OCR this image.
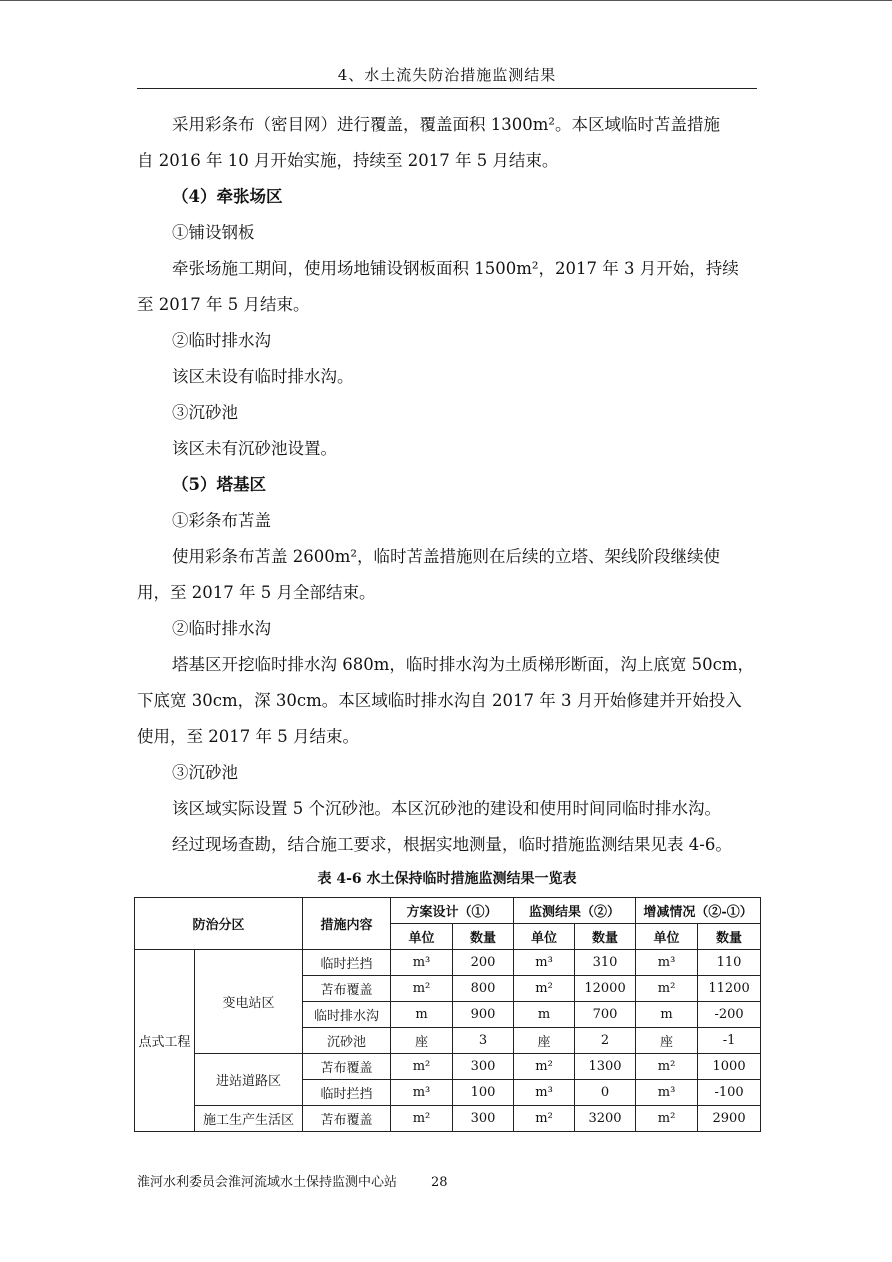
4、水土流失防治措施监测结果
采用彩条布（密目网）进行覆盖，覆盖面积 1300m²。本区域临时苫盖措施
自 2016 年 10 月开始实施，持续至 2017 年 5 月结束。
（4）牵张场区
①铺设钢板
牵张场施工期间，使用场地铺设钢板面积 1500m²，2017 年 3 月开始，持续
至 2017 年 5 月结束。
②临时排水沟
该区未设有临时排水沟。
③沉砂池
该区未有沉砂池设置。
（5）塔基区
①彩条布苫盖
使用彩条布苫盖 2600m²，临时苫盖措施则在后续的立塔、架线阶段继续使
用，至 2017 年 5 月全部结束。
②临时排水沟
塔基区开挖临时排水沟 680m，临时排水沟为土质梯形断面，沟上底宽 50cm，
下底宽 30cm，深 30cm。本区域临时排水沟自 2017 年 3 月开始修建并开始投入
使用，至 2017 年 5 月结束。
③沉砂池
该区域实际设置 5 个沉砂池。本区沉砂池的建设和使用时间同临时排水沟。
经过现场查勘，结合施工要求，根据实地测量，临时措施监测结果见表 4-6。
表 4-6 水土保持临时措施监测结果一览表
防治分区		措施内容	方案设计（①）		监测结果（②）		增减情况（②-①）	
			单位	数量	单位	数量	单位	数量
点式工程	变电站区	临时拦挡	m³	200	m³	310	m³	110
		苫布覆盖	m²	800	m²	12000	m²	11200
		临时排水沟	m	900	m	700	m	-200
		沉砂池	座	3	座	2	座	-1
	进站道路区	苫布覆盖	m²	300	m²	1300	m²	1000
		临时拦挡	m³	100	m³	0	m³	-100
	施工生产生活区	苫布覆盖	m²	300	m²	3200	m²	2900
淮河水利委员会淮河流域水土保持监测中心站	28
